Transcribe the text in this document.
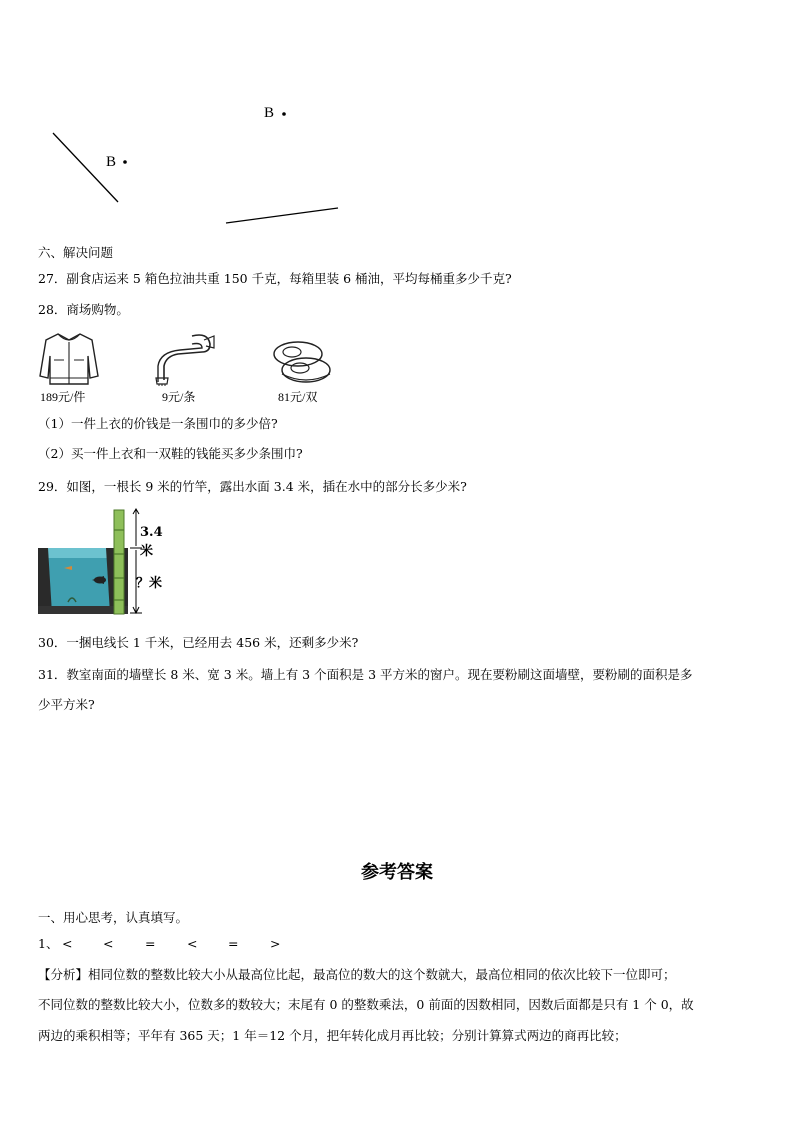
B
B
六、解决问题
27．副食店运来 5 箱色拉油共重 150 千克，每箱里装 6 桶油，平均每桶重多少千克?
28．商场购物。
189元/件	9元/条	81元/双
（1）一件上衣的价钱是一条围巾的多少倍?
（2）买一件上衣和一双鞋的钱能买多少条围巾?
29．如图，一根长 9 米的竹竿，露出水面 3.4 米，插在水中的部分长多少米?
3.4 米
？米
30．一捆电线长 1 千米，已经用去 456 米，还剩多少米?
31．教室南面的墙壁长 8 米、宽 3 米。墙上有 3 个面积是 3 平方米的窗户。现在要粉刷这面墙壁，要粉刷的面积是多
少平方米?
参考答案
一、用心思考，认真填写。
1、 < <	=	< =	>
【分析】相同位数的整数比较大小从最高位比起，最高位的数大的这个数就大，最高位相同的依次比较下一位即可；
不同位数的整数比较大小，位数多的数较大；末尾有 0 的整数乘法，0 前面的因数相同，因数后面都是只有 1 个 0，故
两边的乘积相等；平年有 365 天；1 年＝12 个月，把年转化成月再比较；分别计算算式两边的商再比较；
